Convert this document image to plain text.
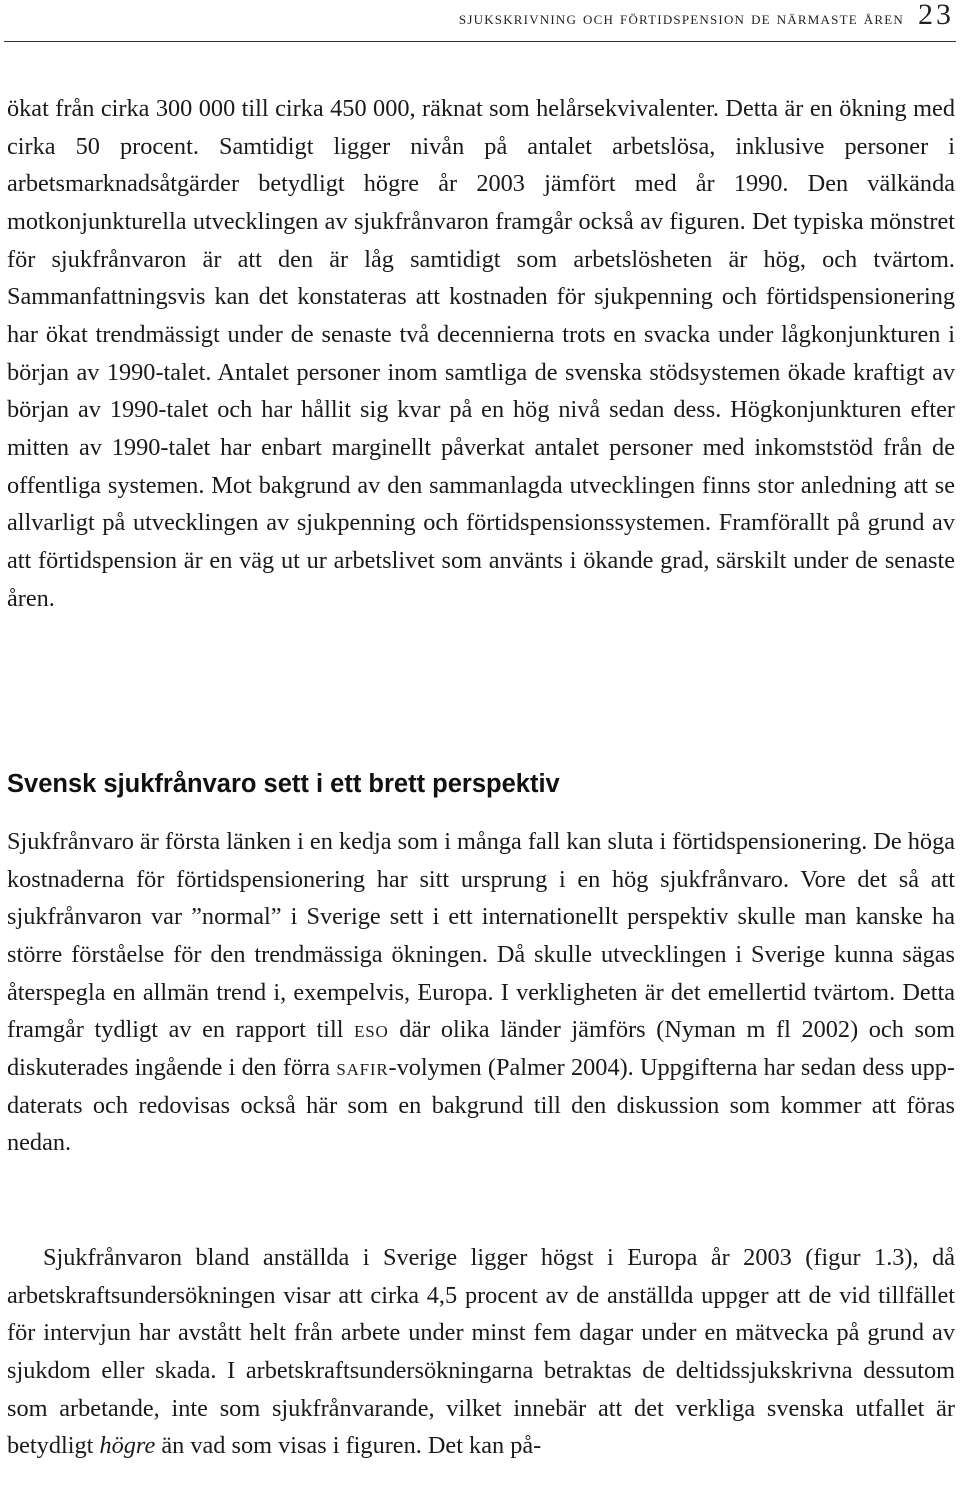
sjukskrivning och förtidspension de närmaste åren 23

ökat från cirka 300 000 till cirka 450 000, räknat som helårsekvivalenter. Detta är en ökning med cirka 50 procent. Samtidigt ligger nivån på antalet arbetslösa, inklusive personer i arbetsmarknadsåtgärder betydligt högre år 2003 jämfört med år 1990. Den välkända motkonjunkturella utvecklingen av sjukfrånvaron framgår också av figuren. Det typiska mönstret för sjukfrånvaron är att den är låg samtidigt som arbetslösheten är hög, och tvärtom. Sammanfattningsvis kan det konstateras att kostnaden för sjukpenning och förtidspensionering har ökat trendmässigt under de senaste två decennierna trots en svacka under lågkonjunkturen i början av 1990-talet. Antalet personer inom samtliga de svenska stödsystemen ökade kraftigt av början av 1990-talet och har hållit sig kvar på en hög nivå sedan dess. Högkonjunkturen efter mitten av 1990-talet har enbart marginellt påverkat antalet personer med inkomststöd från de offentliga systemen. Mot bakgrund av den sammanlagda utvecklingen finns stor anledning att se allvarligt på utvecklingen av sjukpenning och förtidspensionssystemen. Framförallt på grund av att förtidspension är en väg ut ur arbetslivet som använts i ökande grad, särskilt under de senaste åren.

Svensk sjukfrånvaro sett i ett brett perspektiv

Sjukfrånvaro är första länken i en kedja som i många fall kan sluta i förtidspensionering. De höga kostnaderna för förtidspensionering har sitt ursprung i en hög sjukfrånvaro. Vore det så att sjukfrånvaron var ”normal” i Sverige sett i ett internationellt perspektiv skulle man kanske ha större förståelse för den trendmässiga ökningen. Då skulle utvecklingen i Sverige kunna sägas återspegla en allmän trend i, exempelvis, Europa. I verkligheten är det emellertid tvärtom. Detta framgår tydligt av en rapport till eso där olika länder jämförs (Nyman m fl 2002) och som diskuterades ingående i den förra safir-volymen (Palmer 2004). Uppgifterna har sedan dess uppdaterats och redovisas också här som en bakgrund till den diskussion som kommer att föras nedan.

Sjukfrånvaron bland anställda i Sverige ligger högst i Europa år 2003 (figur 1.3), då arbetskraftsundersökningen visar att cirka 4,5 procent av de anställda uppger att de vid tillfället för intervjun har avstått helt från arbete under minst fem dagar under en mätvecka på grund av sjukdom eller skada. I arbetskraftsundersökningarna betraktas de deltidssjukskrivna dessutom som arbetande, inte som sjukfrånvarande, vilket innebär att det verkliga svenska utfallet är betydligt högre än vad som visas i figuren. Det kan på-
